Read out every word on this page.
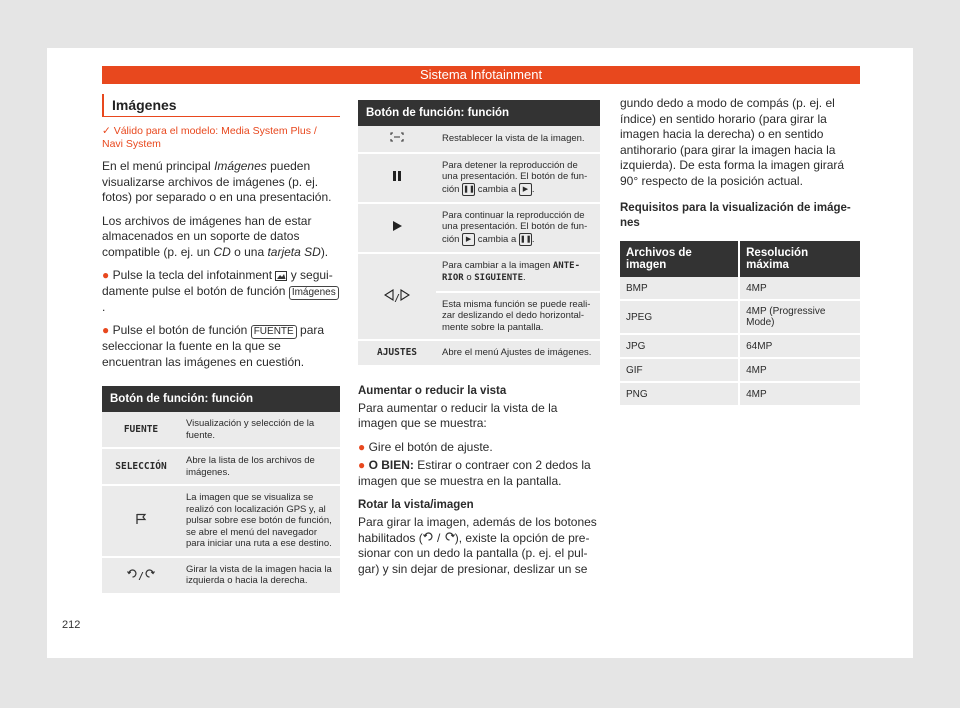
Sistema Infotainment
Imágenes
✓ Válido para el modelo: Media System Plus / Navi System

En el menú principal Imágenes pueden visualizarse archivos de imágenes (p. ej. fotos) por separado o en una presentación.

Los archivos de imágenes han de estar almacenados en un soporte de datos compatible (p. ej. un CD o una tarjeta SD).

● Pulse la tecla del infotainment  y seguidamente pulse el botón de función Imágenes.

● Pulse el botón de función FUENTE para seleccionar la fuente en la que se encuentran las imágenes en cuestión.

Botón de función: función	
FUENTE	Visualización y selección de la fuente.
SELECCIÓN	Abre la lista de los archivos de imágenes.
	La imagen que se visualiza se realizó con localización GPS y, al pulsar sobre ese botón de función, se abre el menú del navegador para iniciar una ruta a ese destino.
/	Girar la vista de la imagen hacia la izquierda o hacia la derecha.
Botón de función: función	
	Restablecer la vista de la imagen.
	Para detener la reproducción de una presentación. El botón de función ❚❚ cambia a ▶ .
	Para continuar la reproducción de una presentación. El botón de función ▶ cambia a ❚❚.
/	Para cambiar a la imagen ANTERIOR o SIGUIENTE.
	Esta misma función se puede realizar deslizando el dedo horizontalmente sobre la pantalla.
AJUSTES	Abre el menú Ajustes de imágenes.

Aumentar o reducir la vista

Para aumentar o reducir la vista de la imagen que se muestra:

● Gire el botón de ajuste.

● O BIEN: Estirar o contraer con 2 dedos la imagen que se muestra en la pantalla.

Rotar la vista/imagen

Para girar la imagen, además de los botones habilitados ( / ), existe la opción de presionar con un dedo la pantalla (p. ej. el pulgar) y sin dejar de presionar, deslizar un se

gundo dedo a modo de compás (p. ej. el índice) en sentido horario (para girar la imagen hacia la derecha) o en sentido antihorario (para girar la imagen hacia la izquierda). De esta forma la imagen girará 90° respecto de la posición actual.

Requisitos para la visualización de imágenes

Archivos de imagen	Resolución máxima
BMP	4MP
JPEG	4MP (Progressive Mode)
JPG	64MP
GIF	4MP
PNG	4MP
212
